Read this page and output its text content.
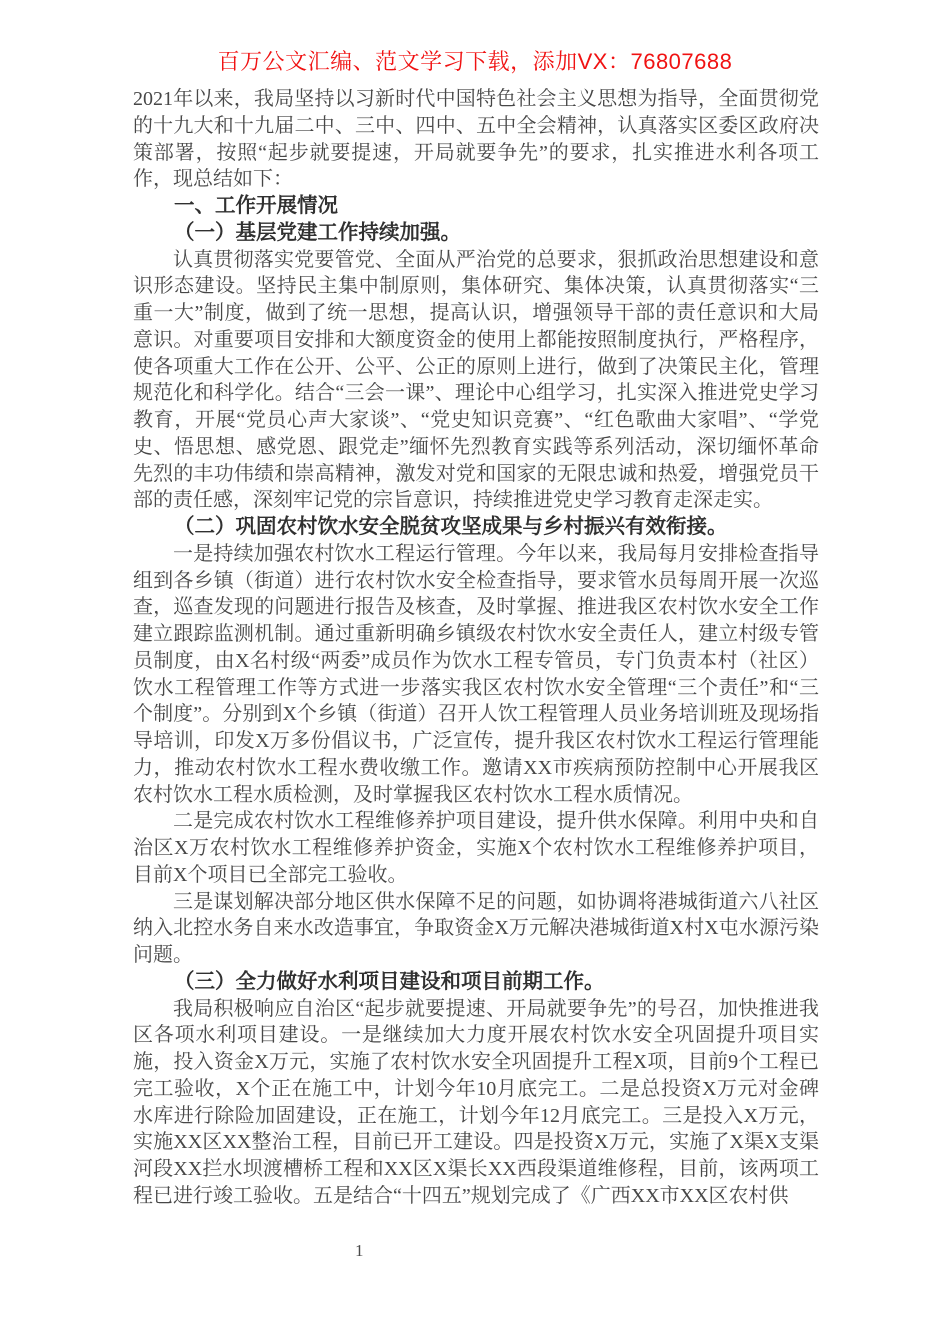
百万公文汇编、范文学习下载，添加VX：76807688

2021年以来，我局坚持以习新时代中国特色社会主义思想为指导，全面贯彻党的十九大和十九届二中、三中、四中、五中全会精神，认真落实区委区政府决策部署，按照“起步就要提速，开局就要争先”的要求，扎实推进水利各项工作，现总结如下：

一、工作开展情况

（一）基层党建工作持续加强。

认真贯彻落实党要管党、全面从严治党的总要求，狠抓政治思想建设和意识形态建设。坚持民主集中制原则，集体研究、集体决策，认真贯彻落实“三重一大”制度，做到了统一思想，提高认识，增强领导干部的责任意识和大局意识。对重要项目安排和大额度资金的使用上都能按照制度执行，严格程序，使各项重大工作在公开、公平、公正的原则上进行，做到了决策民主化，管理规范化和科学化。结合“三会一课”、理论中心组学习，扎实深入推进党史学习教育，开展“党员心声大家谈”、“党史知识竞赛”、“红色歌曲大家唱”、“学党史、悟思想、感党恩、跟党走”缅怀先烈教育实践等系列活动，深切缅怀革命先烈的丰功伟绩和崇高精神，激发对党和国家的无限忠诚和热爱，增强党员干部的责任感，深刻牢记党的宗旨意识，持续推进党史学习教育走深走实。

（二）巩固农村饮水安全脱贫攻坚成果与乡村振兴有效衔接。

一是持续加强农村饮水工程运行管理。今年以来，我局每月安排检查指导组到各乡镇（街道）进行农村饮水安全检查指导，要求管水员每周开展一次巡查，巡查发现的问题进行报告及核查，及时掌握、推进我区农村饮水安全工作建立跟踪监测机制。通过重新明确乡镇级农村饮水安全责任人，建立村级专管员制度，由X名村级“两委”成员作为饮水工程专管员，专门负责本村（社区）饮水工程管理工作等方式进一步落实我区农村饮水安全管理“三个责任”和“三个制度”。分别到X个乡镇（街道）召开人饮工程管理人员业务培训班及现场指导培训，印发X万多份倡议书，广泛宣传，提升我区农村饮水工程运行管理能力，推动农村饮水工程水费收缴工作。邀请XX市疾病预防控制中心开展我区农村饮水工程水质检测，及时掌握我区农村饮水工程水质情况。

二是完成农村饮水工程维修养护项目建设，提升供水保障。利用中央和自治区X万农村饮水工程维修养护资金，实施X个农村饮水工程维修养护项目，目前X个项目已全部完工验收。

三是谋划解决部分地区供水保障不足的问题，如协调将港城街道六八社区纳入北控水务自来水改造事宜，争取资金X万元解决港城街道X村X屯水源污染问题。

（三）全力做好水利项目建设和项目前期工作。

我局积极响应自治区“起步就要提速、开局就要争先”的号召，加快推进我区各项水利项目建设。一是继续加大力度开展农村饮水安全巩固提升项目实施，投入资金X万元，实施了农村饮水安全巩固提升工程X项，目前9个工程已完工验收，X个正在施工中，计划今年10月底完工。二是总投资X万元对金碑水库进行除险加固建设，正在施工，计划今年12月底完工。三是投入X万元，实施XX区XX整治工程，目前已开工建设。四是投资X万元，实施了X渠X支渠河段XX拦水坝渡槽桥工程和XX区X渠长XX西段渠道维修程，目前，该两项工程已进行竣工验收。五是结合“十四五”规划完成了《广西XX市XX区农村供

1
